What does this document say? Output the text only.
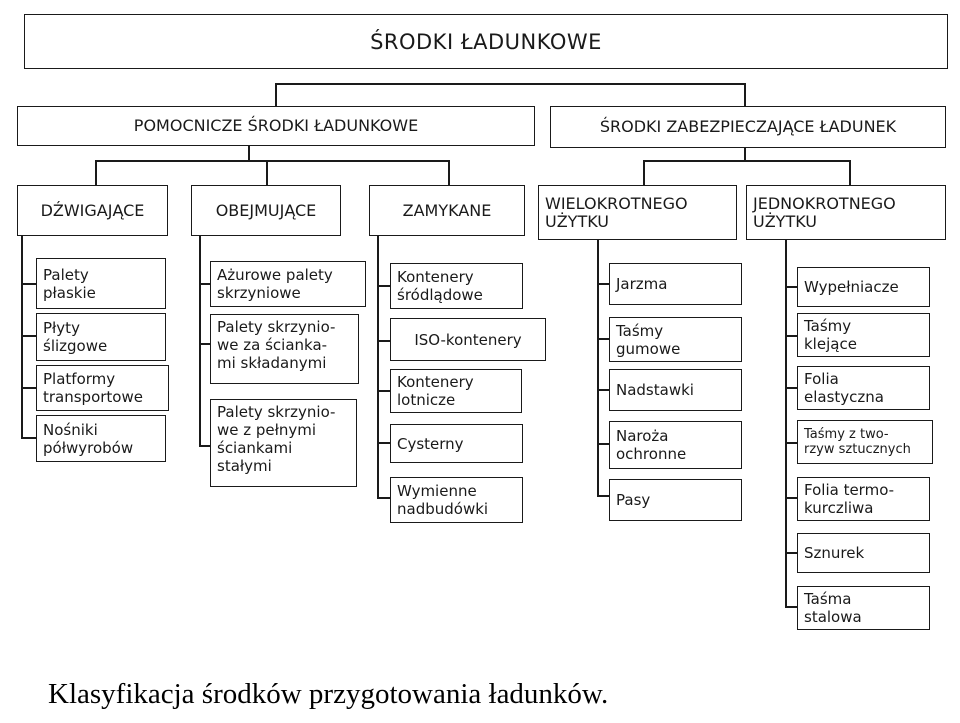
ŚRODKI ŁADUNKOWE
POMOCNICZE ŚRODKI ŁADUNKOWE	ŚRODKI ZABEZPIECZAJĄCE ŁADUNEK
DŹWIGAJĄCE	OBEJMUJĄCE	ZAMYKANE	WIELOKROTNEGO
UŻYTKU
JEDNOKROTNEGO
UŻYTKU
Palety
płaskie
Płyty
ślizgowe
Platformy
transportowe
Nośniki
półwyrobów
Ażurowe palety
skrzyniowe
Palety skrzynio-
we za ścianka-
mi składanymi
Palety skrzynio-
we z pełnymi
ściankami
stałymi
Kontenery
śródlądowe
ISO-kontenery
Kontenery
lotnicze
Cysterny
Wymienne
nadbudówki
Jarzma
Taśmy
gumowe
Nadstawki
Naroża
ochronne
Pasy
Wypełniacze
Taśmy
klejące
Folia
elastyczna
Taśmy z two-
rzyw sztucznych
Folia termo-
kurczliwa
Sznurek
Taśma
stalowa
Klasyfikacja środków przygotowania ładunków.
